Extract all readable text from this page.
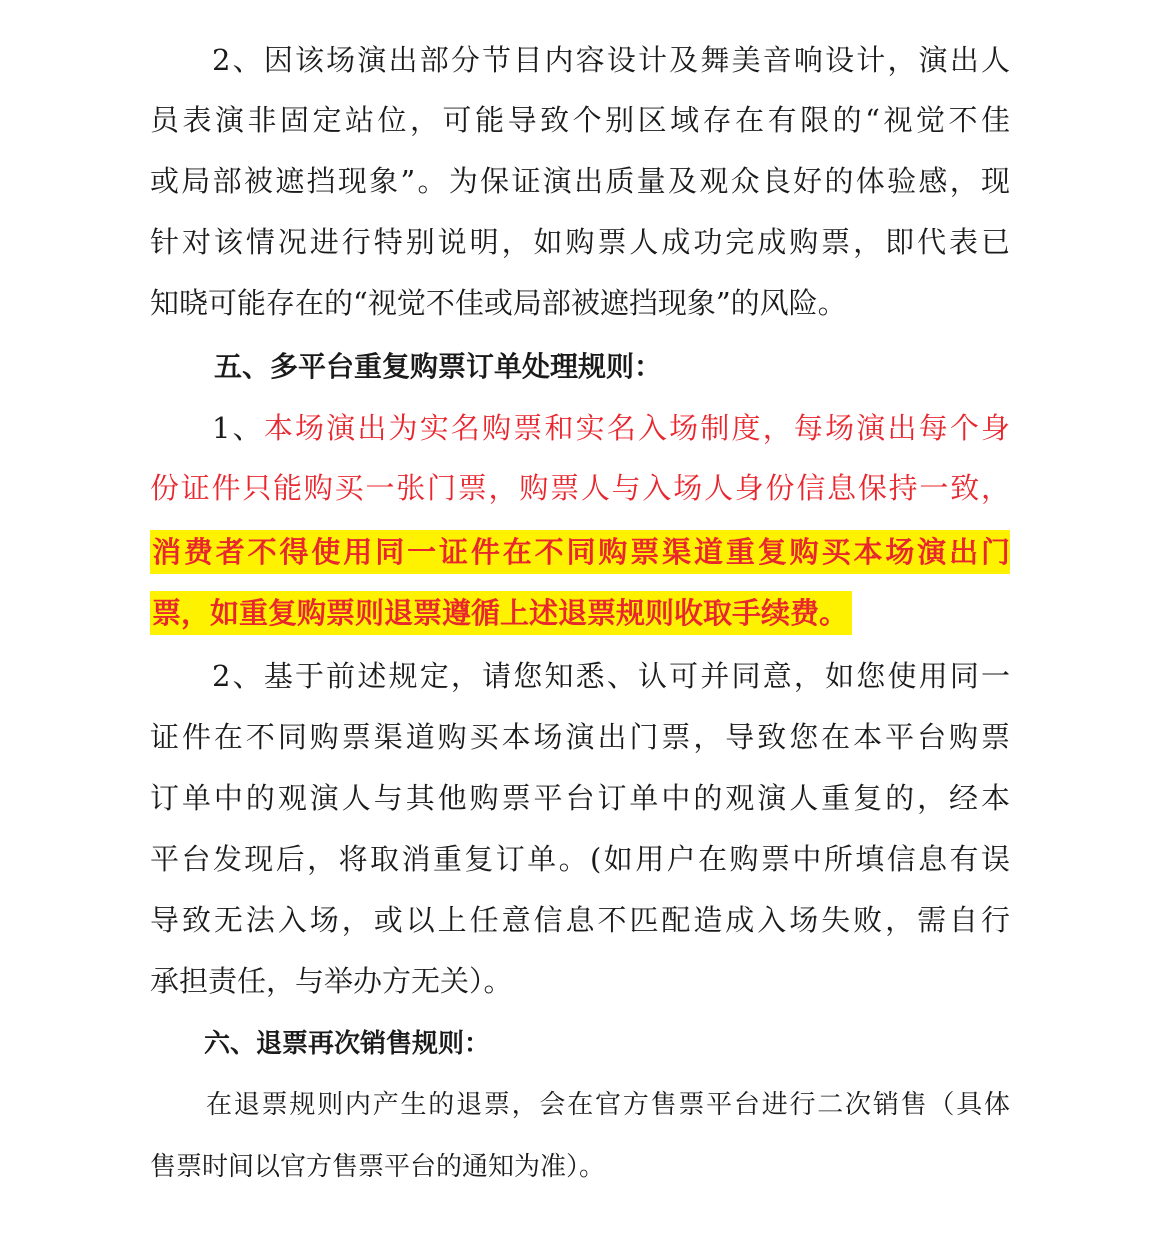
2、因该场演出部分节目内容设计及舞美音响设计，演出人
员表演非固定站位，可能导致个别区域存在有限的“视觉不佳
或局部被遮挡现象”。为保证演出质量及观众良好的体验感，现
针对该情况进行特别说明，如购票人成功完成购票，即代表已
知晓可能存在的“视觉不佳或局部被遮挡现象”的风险。
五、多平台重复购票订单处理规则：
1、本场演出为实名购票和实名入场制度，每场演出每个身
份证件只能购买一张门票，购票人与入场人身份信息保持一致，
消费者不得使用同一证件在不同购票渠道重复购买本场演出门
票，如重复购票则退票遵循上述退票规则收取手续费。
2、基于前述规定，请您知悉、认可并同意，如您使用同一
证件在不同购票渠道购买本场演出门票，导致您在本平台购票
订单中的观演人与其他购票平台订单中的观演人重复的，经本
平台发现后，将取消重复订单。(如用户在购票中所填信息有误
导致无法入场，或以上任意信息不匹配造成入场失败，需自行
承担责任，与举办方无关）。
六、退票再次销售规则：
在退票规则内产生的退票，会在官方售票平台进行二次销售（具体
售票时间以官方售票平台的通知为准）。
